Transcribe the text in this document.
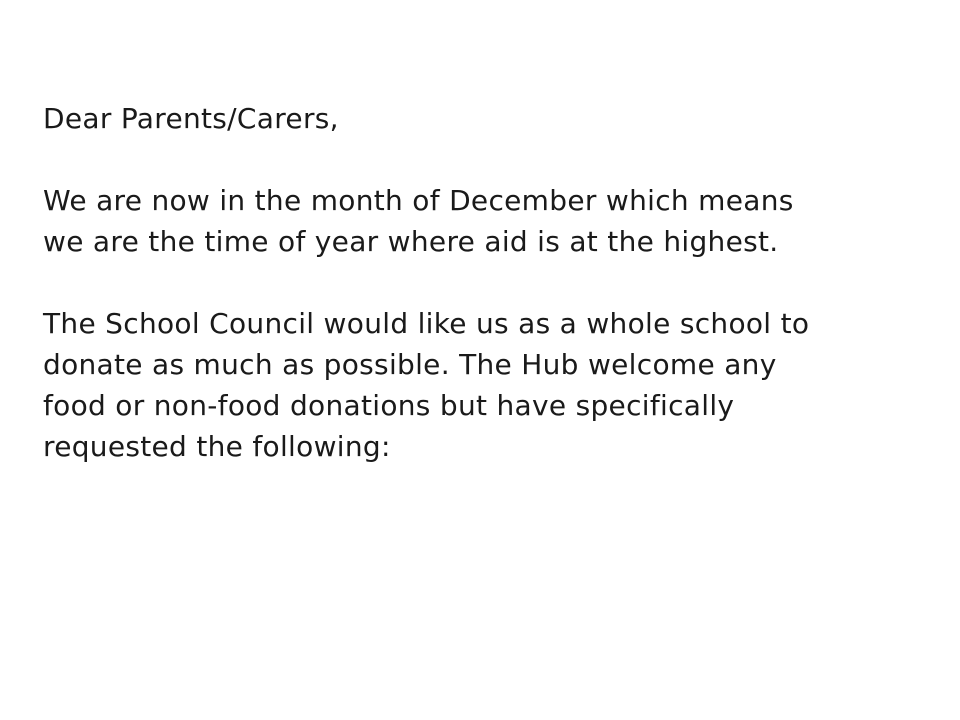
Dear Parents/Carers,

We are now in the month of December which means

we are the time of year where aid is at the highest.

The School Council would like us as a whole school to

donate as much as possible. The Hub welcome any

food or non-food donations but have specifically

requested the following:
